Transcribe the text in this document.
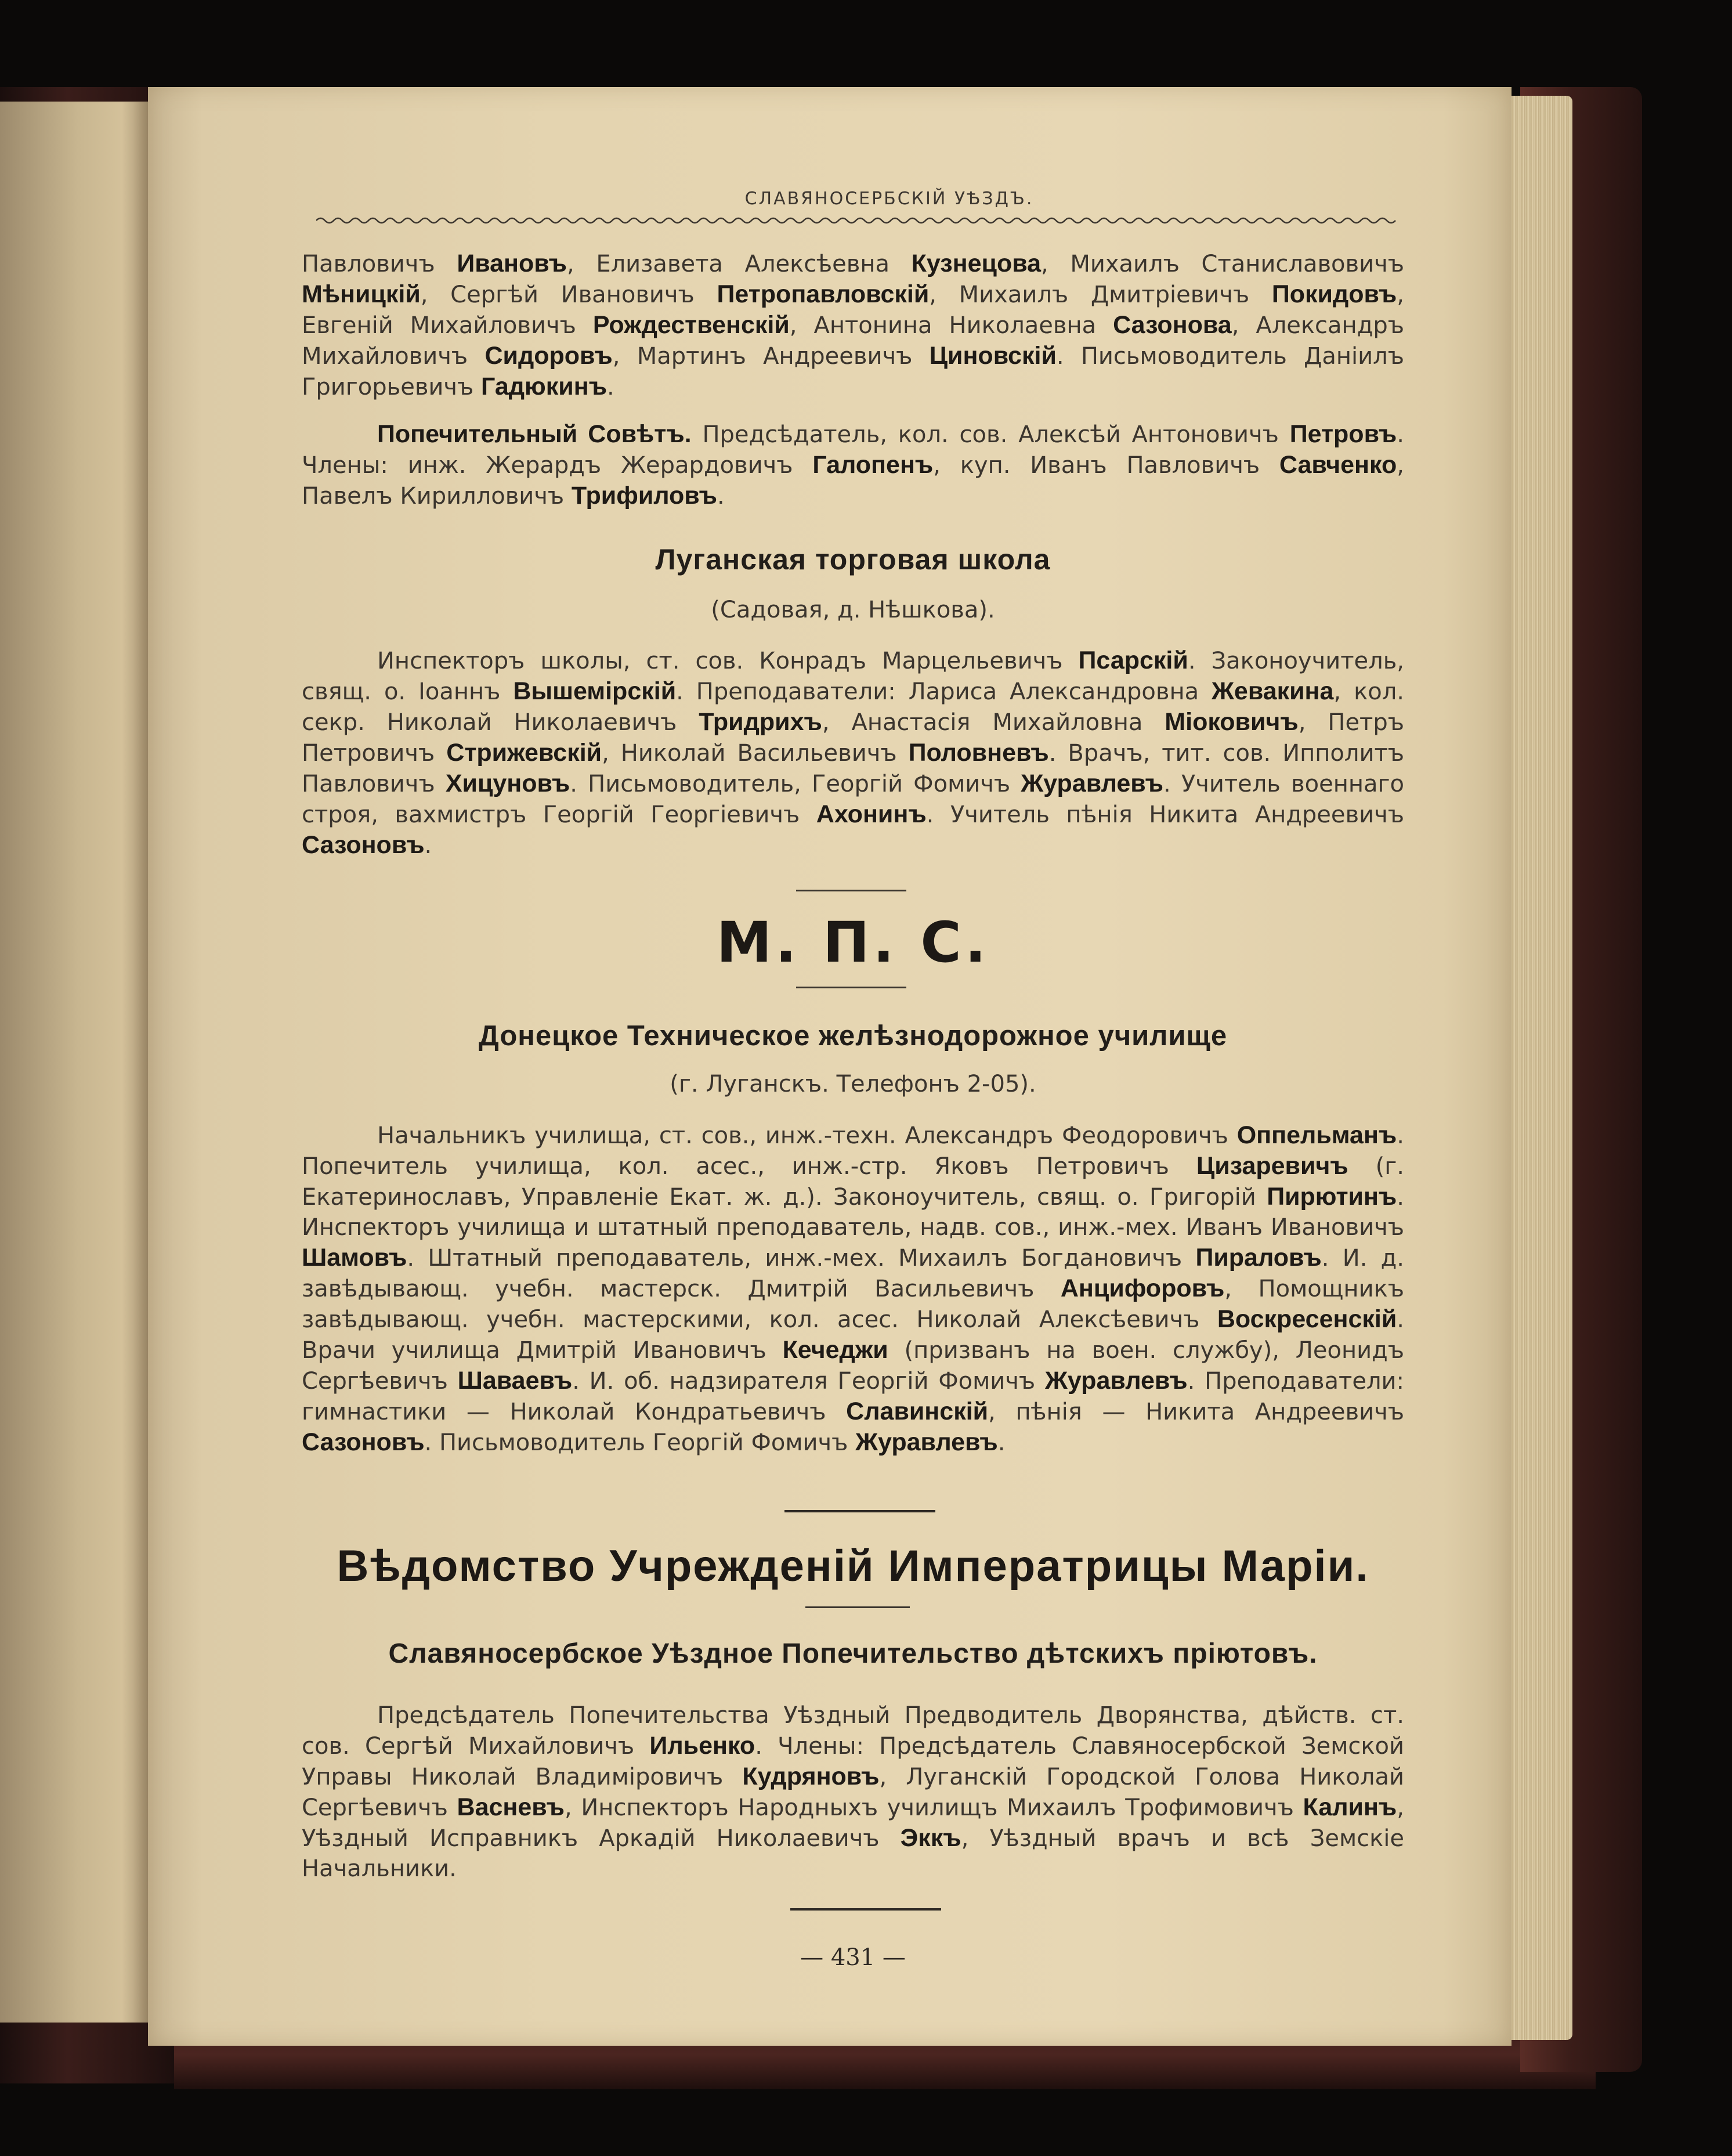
СЛАВЯНОСЕРБСКІЙ УѢЗДЪ.

Павловичъ Ивановъ, Елизавета Алексѣевна Кузнецова, Михаилъ Станиславовичъ Мѣницкій, Сергѣй Ивановичъ Петропавловскій, Михаилъ Дмитріевичъ Покидовъ, Евгеній Михайловичъ Рождественскій, Антонина Николаевна Сазонова, Александръ Михайловичъ Сидоровъ, Мартинъ Андреевичъ Циновскій. Письмоводитель Даніилъ Григорьевичъ Гадюкинъ.

Попечительный Совѣтъ. Предсѣдатель, кол. сов. Алексѣй Антоновичъ Петровъ. Члены: инж. Жерардъ Жерардовичъ Галопенъ, куп. Иванъ Павловичъ Савченко, Павелъ Кирилловичъ Трифиловъ.

Луганская торговая школа

(Садовая, д. Нѣшкова).

Инспекторъ школы, ст. сов. Конрадъ Марцельевичъ Псарскій. Законоучитель, свящ. о. Іоаннъ Вышемірскій. Преподаватели: Лариса Александровна Жевакина, кол. секр. Николай Николаевичъ Тридрихъ, Анастасія Михайловна Міоковичъ, Петръ Петровичъ Стрижевскій, Николай Васильевичъ Половневъ. Врачъ, тит. сов. Ипполитъ Павловичъ Хицуновъ. Письмоводитель, Георгій Фомичъ Журавлевъ. Учитель военнаго строя, вахмистръ Георгій Георгіевичъ Ахонинъ. Учитель пѣнія Никита Андреевичъ Сазоновъ.

М. П. С.

Донецкое Техническое желѣзнодорожное училище

(г. Луганскъ. Телефонъ 2-05).

Начальникъ училища, ст. сов., инж.-техн. Александръ Феодоровичъ Оппельманъ. Попечитель училища, кол. асес., инж.-стр. Яковъ Петровичъ Цизаревичъ (г. Екатеринославъ, Управленіе Екат. ж. д.). Законоучитель, свящ. о. Григорій Пирютинъ. Инспекторъ училища и штатный преподаватель, надв. сов., инж.-мех. Иванъ Ивановичъ Шамовъ. Штатный преподаватель, инж.-мех. Михаилъ Богдановичъ Пираловъ. И. д. завѣдывающ. учебн. мастерск. Дмитрій Васильевичъ Анцифоровъ, Помощникъ завѣдывающ. учебн. мастерскими, кол. асес. Николай Алексѣевичъ Воскресенскій. Врачи училища Дмитрій Ивановичъ Кечеджи (призванъ на воен. службу), Леонидъ Сергѣевичъ Шаваевъ. И. об. надзирателя Георгій Фомичъ Журавлевъ. Преподаватели: гимнастики — Николай Кондратьевичъ Славинскій, пѣнія — Никита Андреевичъ Сазоновъ. Письмоводитель Георгій Фомичъ Журавлевъ.

Вѣдомство Учрежденій Императрицы Маріи.

Славяносербское Уѣздное Попечительство дѣтскихъ пріютовъ.

Предсѣдатель Попечительства Уѣздный Предводитель Дворянства, дѣйств. ст. сов. Сергѣй Михайловичъ Ильенко. Члены: Предсѣдатель Славяносербской Земской Управы Николай Владиміровичъ Кудряновъ, Луганскій Городской Голова Николай Сергѣевичъ Васневъ, Инспекторъ Народныхъ училищъ Михаилъ Трофимовичъ Калинъ, Уѣздный Исправникъ Аркадій Николаевичъ Эккъ, Уѣздный врачъ и всѣ Земскіе Начальники.

— 431 —
